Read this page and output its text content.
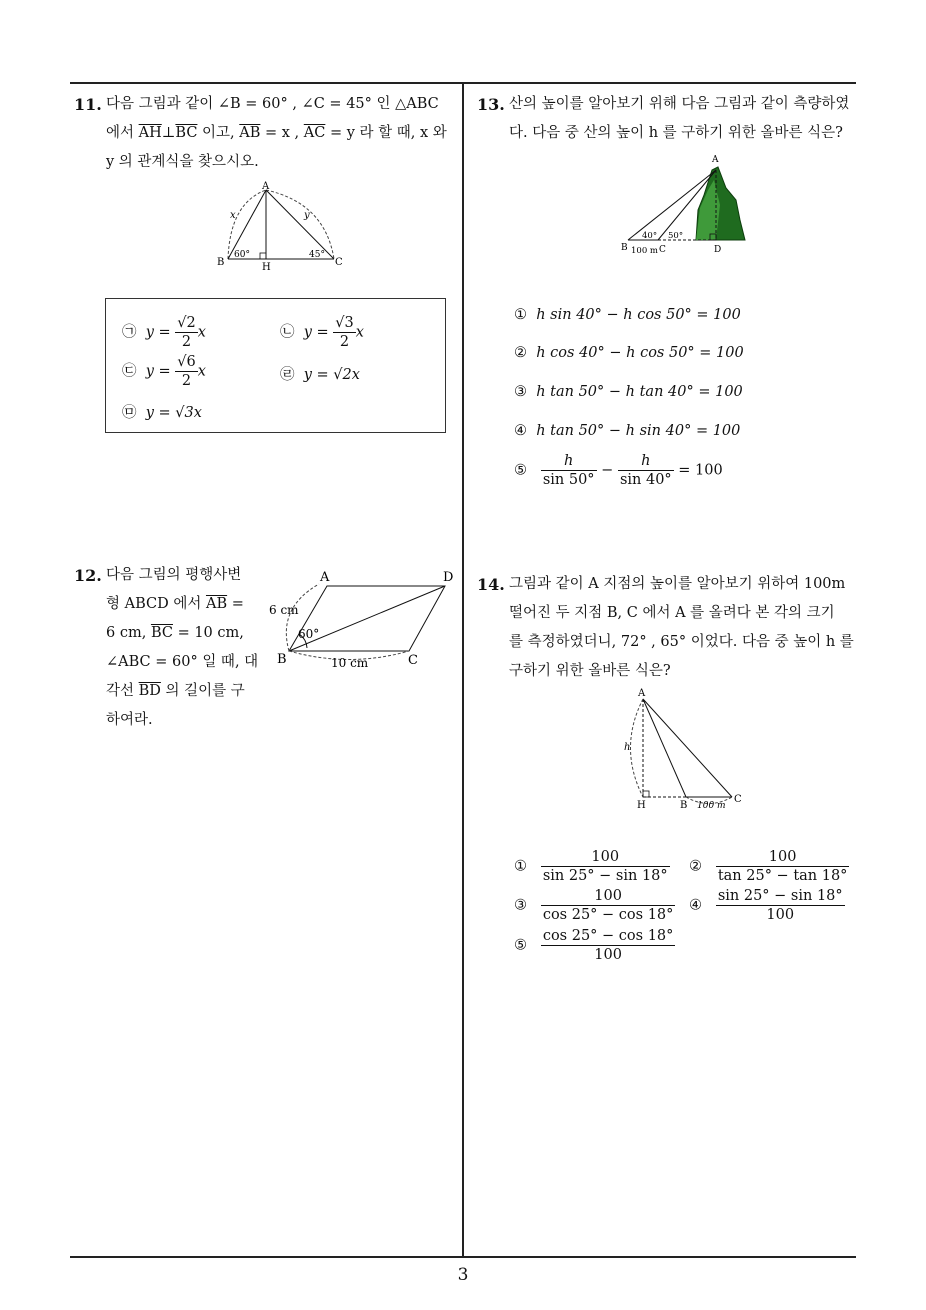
3
11. 다음 그림과 같이 ∠B = 60° , ∠C = 45° 인 △ABC
에서 $\overline{AH}\perp\overline{BC}$ 이고, $\overline{AB} = x$ , $\overline{AC} = y$ 라 할 때, x 와
y 의 관계식을 찾으시오.
A
B	C
H
x	y
60°	45°
㉠ $y = \frac{√2}{2}$ x	㉡ $y = \frac{√3}{2}$ x
㉢ $y = \frac{√6}{2}$ x	㉣ y = √2x
㉤ y = √3x
12. 다음 그림의 평행사변
형 ABCD 에서 $\overline{AB}$ =
6 cm, $\overline{BC} = 10$ cm,
∠ABC = 60° 일 때, 대
각선 $\overline{BD}$ 의 길이를 구
하여라.
A
B	C
D
6 cm
10 cm
60°
13. 산의 높이를 알아보기 위해 다음 그림과 같이 측량하였
다. 다음 중 산의 높이 h 를 구하기 위한 올바른 식은?
A
B	C	D
40° 50°
100 m
① h sin 40° − h cos 50° = 100
② h cos 40° − h cos 50° = 100
③ h tan 50° − h tan 40° = 100
④ h tan 50° − h sin 40° = 100
⑤ $\frac{h}{\sin 50^\circ} - \frac{h}{\sin 40^\circ} = 100$
14. 그림과 같이 A 지점의 높이를 알아보기 위하여 100m
떨어진 두 지점 B, C 에서 A 를 올려다 본 각의 크기
를 측정하였더니, 72° , 65° 이었다. 다음 중 높이 h 를
구하기 위한 올바른 식은?
A
H	B
C
h
100 m
① $\frac{100}{\sin 25^\circ - \sin 18^\circ}$ ② $\frac{100}{\tan 25^\circ - \tan 18^\circ}$
③ $\frac{100}{\cos 25^\circ - \cos 18^\circ}$ ④ $\frac{\sin 25^\circ - \sin 18^\circ}{100}$
⑤ $\frac{\cos 25^\circ - \cos 18^\circ}{100}$
